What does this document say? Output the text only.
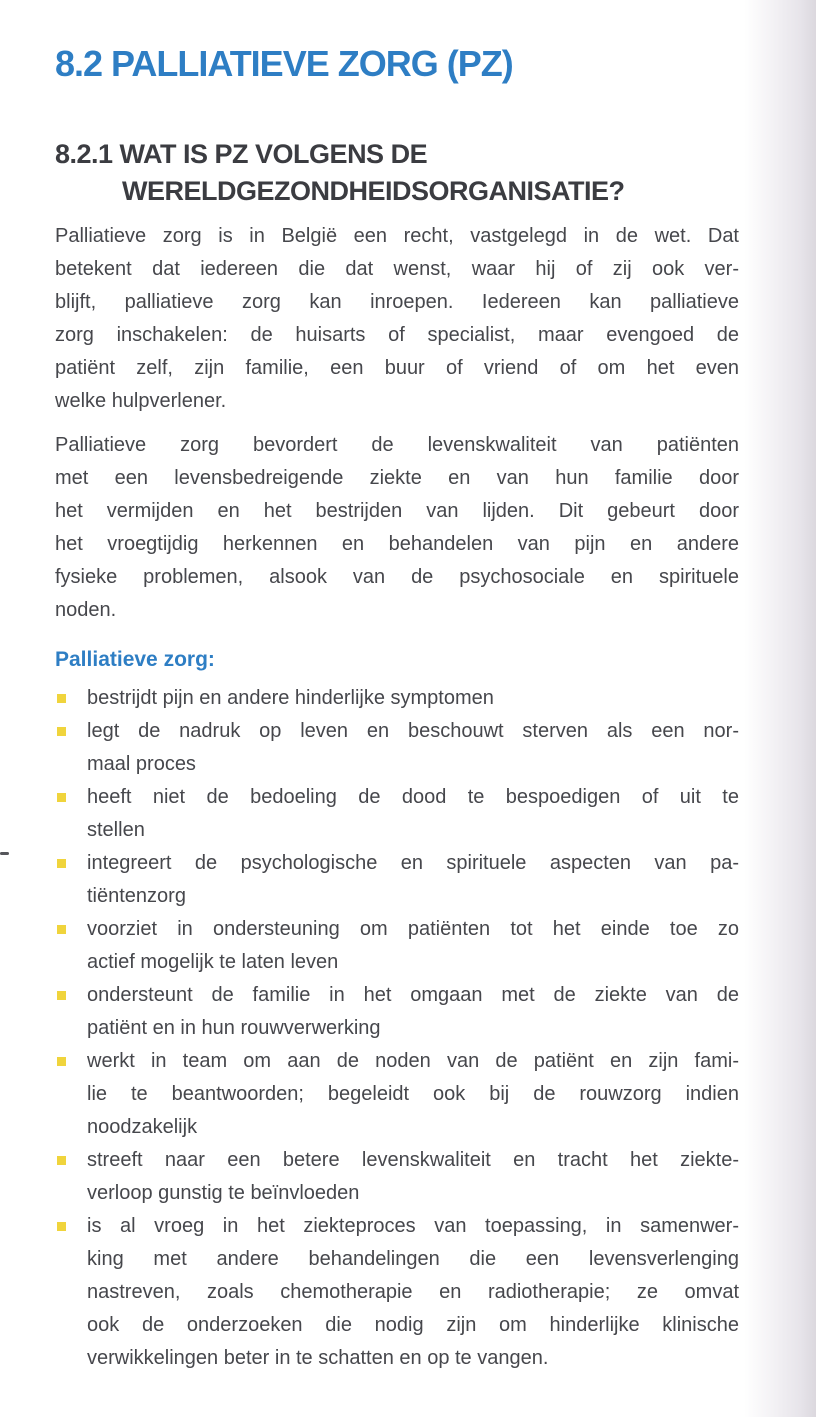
8.2 PALLIATIEVE ZORG (PZ)
8.2.1 WAT IS PZ VOLGENS DE
WERELDGEZONDHEIDSORGANISATIE?
Palliatieve zorg is in België een recht, vastgelegd in de wet. Dat
betekent dat iedereen die dat wenst, waar hij of zij ook ver-
blijft, palliatieve zorg kan inroepen. Iedereen kan palliatieve
zorg inschakelen: de huisarts of specialist, maar evengoed de
patiënt zelf, zijn familie, een buur of vriend of om het even
welke hulpverlener.
Palliatieve zorg bevordert de levenskwaliteit van patiënten
met een levensbedreigende ziekte en van hun familie door
het vermijden en het bestrijden van lijden. Dit gebeurt door
het vroegtijdig herkennen en behandelen van pijn en andere
fysieke problemen, alsook van de psychosociale en spirituele
noden.
Palliatieve zorg:
bestrijdt pijn en andere hinderlijke symptomen
legt de nadruk op leven en beschouwt sterven als een nor-
maal proces
heeft niet de bedoeling de dood te bespoedigen of uit te
stellen
integreert de psychologische en spirituele aspecten van pa-
tiëntenzorg
voorziet in ondersteuning om patiënten tot het einde toe zo
actief mogelijk te laten leven
ondersteunt de familie in het omgaan met de ziekte van de
patiënt en in hun rouwverwerking
werkt in team om aan de noden van de patiënt en zijn fami-
lie te beantwoorden; begeleidt ook bij de rouwzorg indien
noodzakelijk
streeft naar een betere levenskwaliteit en tracht het ziekte-
verloop gunstig te beïnvloeden
is al vroeg in het ziekteproces van toepassing, in samenwer-
king met andere behandelingen die een levensverlenging
nastreven, zoals chemotherapie en radiotherapie; ze omvat
ook de onderzoeken die nodig zijn om hinderlijke klinische
verwikkelingen beter in te schatten en op te vangen.
